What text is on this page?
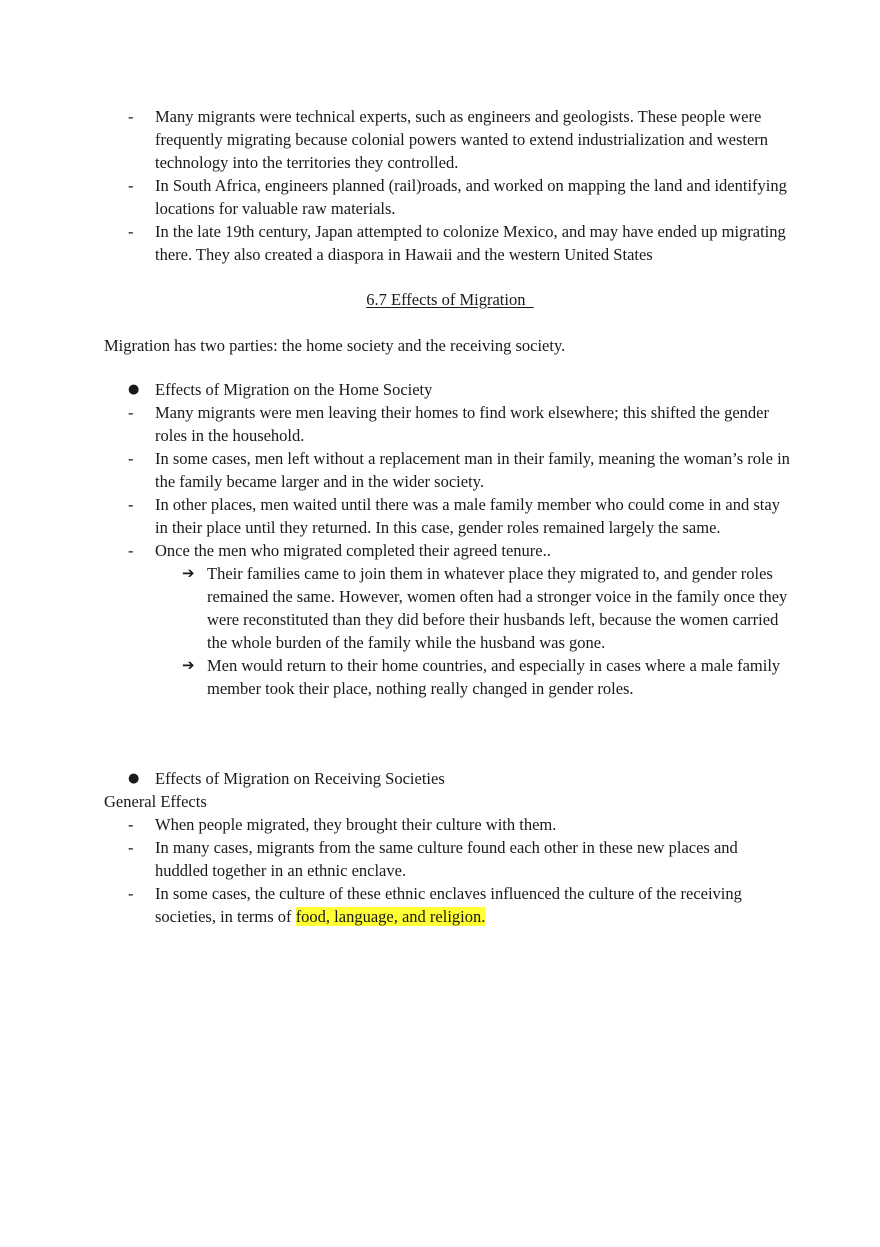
- Many migrants were technical experts, such as engineers and geologists. These people were frequently migrating because colonial powers wanted to extend industrialization and western technology into the territories they controlled.
- In South Africa, engineers planned (rail)roads, and worked on mapping the land and identifying locations for valuable raw materials.
- In the late 19th century, Japan attempted to colonize Mexico, and may have ended up migrating there. They also created a diaspora in Hawaii and the western United States
6.7 Effects of Migration
Migration has two parties: the home society and the receiving society.
● Effects of Migration on the Home Society
- Many migrants were men leaving their homes to find work elsewhere; this shifted the gender roles in the household.
- In some cases, men left without a replacement man in their family, meaning the woman’s role in the family became larger and in the wider society.
- In other places, men waited until there was a male family member who could come in and stay in their place until they returned. In this case, gender roles remained largely the same.
- Once the men who migrated completed their agreed tenure..
➔ Their families came to join them in whatever place they migrated to, and gender roles remained the same. However, women often had a stronger voice in the family once they were reconstituted than they did before their husbands left, because the women carried the whole burden of the family while the husband was gone.
➔ Men would return to their home countries, and especially in cases where a male family member took their place, nothing really changed in gender roles.
● Effects of Migration on Receiving Societies
General Effects
- When people migrated, they brought their culture with them.
- In many cases, migrants from the same culture found each other in these new places and huddled together in an ethnic enclave.
- In some cases, the culture of these ethnic enclaves influenced the culture of the receiving societies, in terms of food, language, and religion.
